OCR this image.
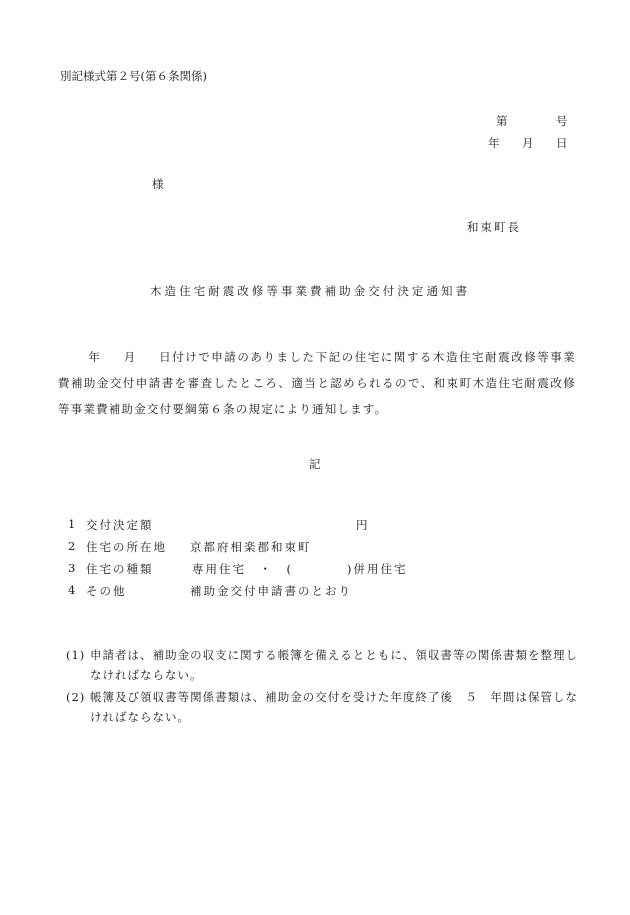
別記様式第２号(第６条関係)
第	号
年 月 日
様
和束町長
木造住宅耐震改修等事業費補助金交付決定通知書
年 月 日付けで申請のありました下記の住宅に関する木造住宅耐震改修等事業費補助金交付申請書を審査したところ、適当と認められるので、和束町木造住宅耐震改修等事業費補助金交付要綱第６条の規定により通知します。
記
1 交付決定額	円
2 住宅の所在地 京都府相楽郡和束町
3 住宅の種類	専用住宅　・　(　　　　)併用住宅
4 その他	補助金交付申請書のとおり
(1) 申請者は、補助金の収支に関する帳簿を備えるとともに、領収書等の関係書類を整理しなければならない。
(2) 帳簿及び領収書等関係書類は、補助金の交付を受けた年度終了後　５　年間は保管しなければならない。
